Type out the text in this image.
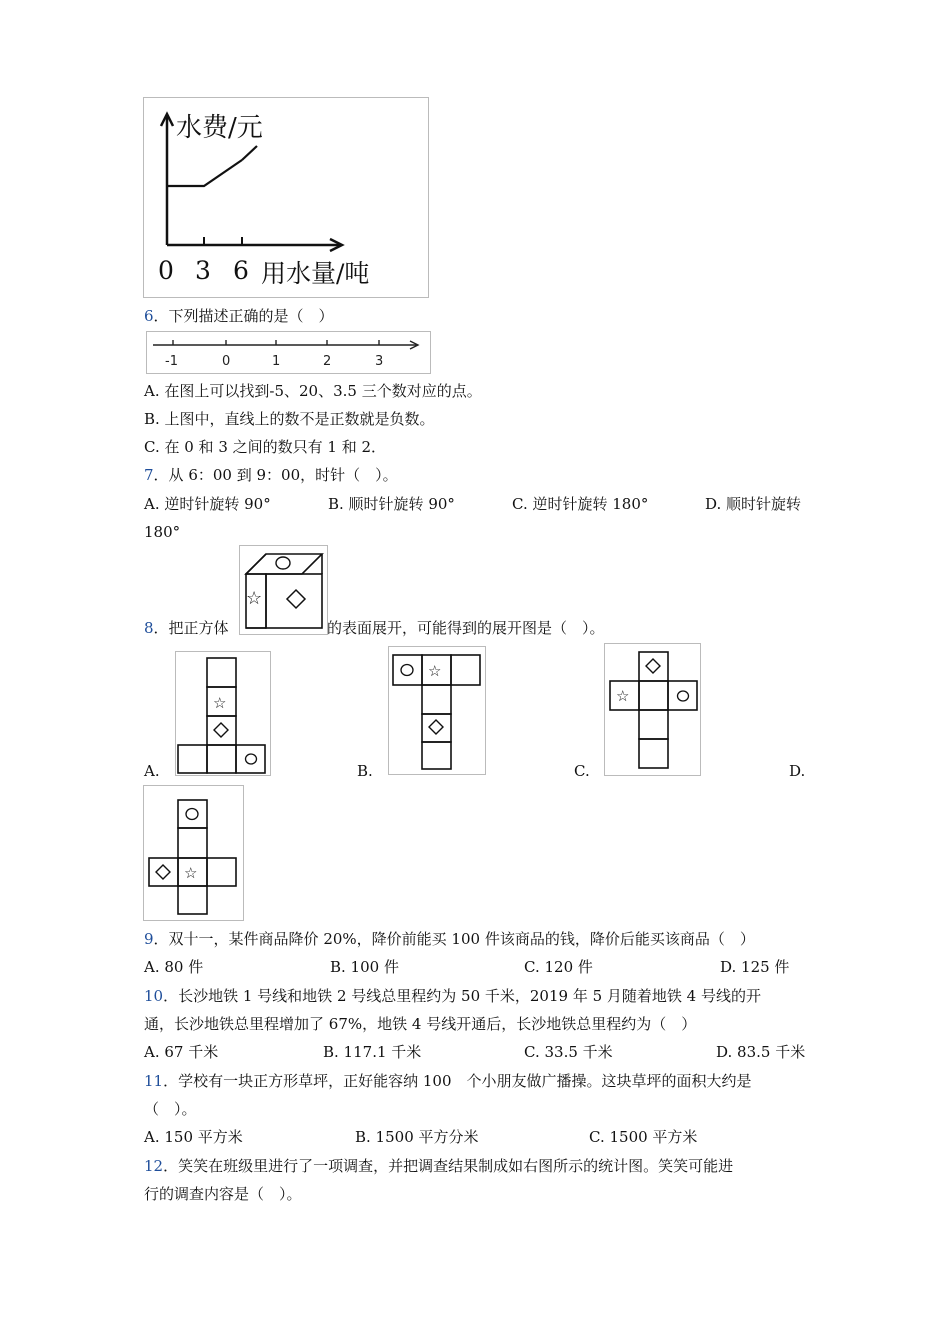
水费/元
0 3 6 用水量/吨
6．下列描述正确的是（　）
-1	0	1	2	3
A. 在图上可以找到-5、20、3.5 三个数对应的点。
B. 上图中，直线上的数不是正数就是负数。
C. 在 0 和 3 之间的数只有 1 和 2．
7．从 6：00 到 9：00，时针（　）。
A. 逆时针旋转 90°	B. 顺时针旋转 90°	C. 逆时针旋转 180°	D. 顺时针旋转
180°
8．把正方体
☆
的表面展开，可能得到的展开图是（　）。
A.	B.	C.	D.
☆
☆
☆
☆
9．双十一，某件商品降价 20%，降价前能买 100 件该商品的钱，降价后能买该商品（　）
A. 80 件	B. 100 件	C. 120 件	D. 125 件
10．长沙地铁 1 号线和地铁 2 号线总里程约为 50 千米，2019 年 5 月随着地铁 4 号线的开
通，长沙地铁总里程增加了 67%，地铁 4 号线开通后，长沙地铁总里程约为（　）
A. 67 千米	B. 117.1 千米	C. 33.5 千米	D. 83.5 千米
11．学校有一块正方形草坪，正好能容纳 100　个小朋友做广播操。这块草坪的面积大约是
（　）。
A. 150 平方米	B. 1500 平方分米	C. 1500 平方米
12．笑笑在班级里进行了一项调查，并把调查结果制成如右图所示的统计图。笑笑可能进
行的调查内容是（　）。
